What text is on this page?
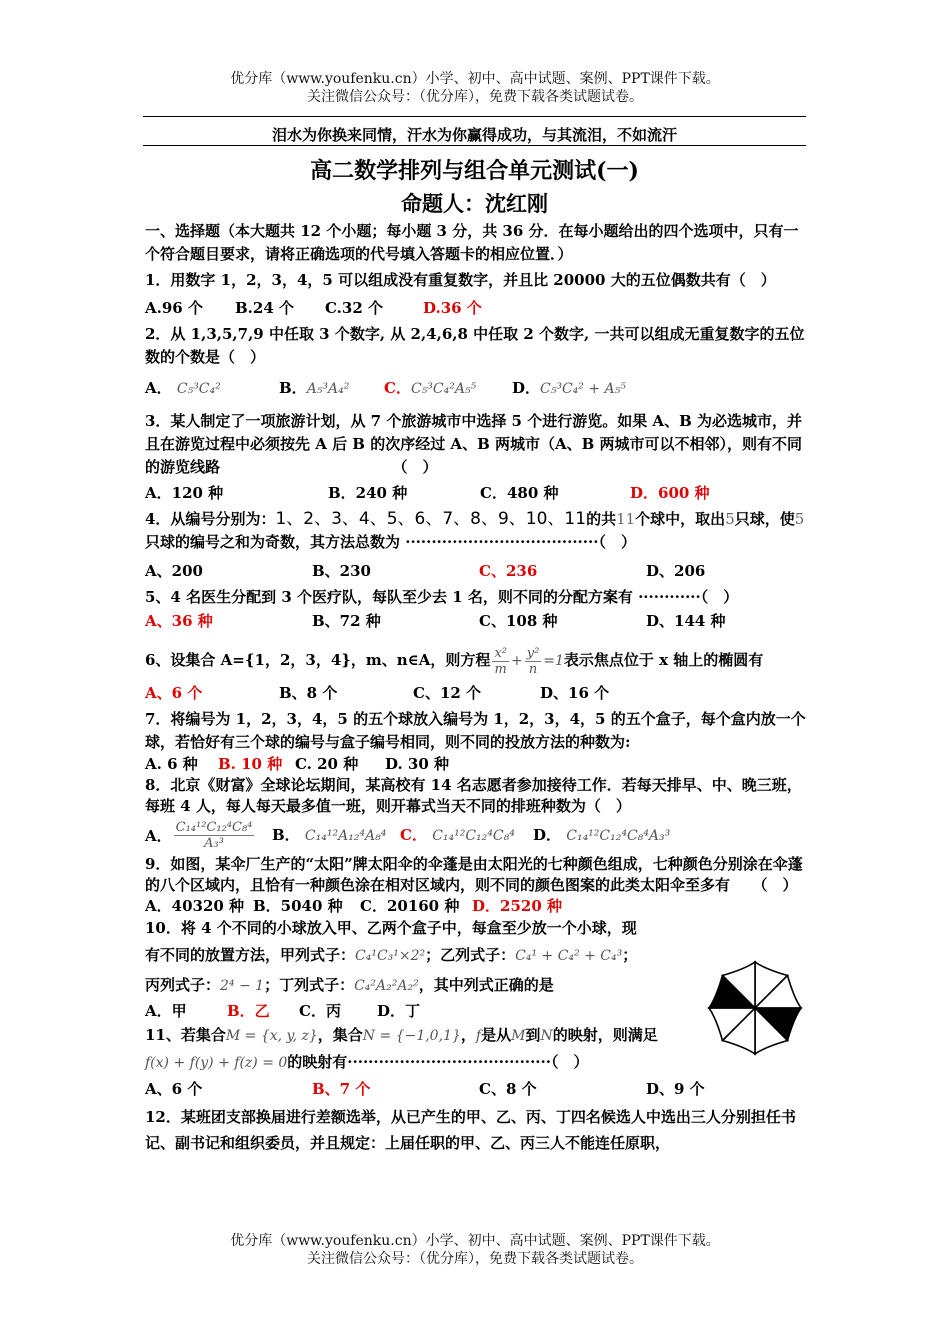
优分库（www.youfenku.cn）小学、初中、高中试题、案例、PPT课件下载。
关注微信公众号：（优分库），免费下载各类试题试卷。
泪水为你换来同情，汗水为你赢得成功，与其流泪，不如流汗
高二数学排列与组合单元测试(一)
命题人：沈红刚

一、选择题（本大题共 12 个小题；每小题 3 分，共 36 分．在每小题给出的四个选项中，只有一个符合题目要求，请将正确选项的代号填入答题卡的相应位置．）

1．用数字 1，2，3，4，5 可以组成没有重复数字，并且比 20000 大的五位偶数共有（　）

A.96 个	B.24 个	C.32 个	D.36 个

2．从 1,3,5,7,9 中任取 3 个数字, 从 2,4,6,8 中任取 2 个数字, 一共可以组成无重复数字的五位数的个数是（　）

A． C₅³C₄²	B．A₅³A₄²	C．C₅³C₄²A₅⁵	D．C₅³C₄² + A₅⁵

3．某人制定了一项旅游计划，从 7 个旅游城市中选择 5 个进行游览。如果 A、B 为必选城市，并且在游览过程中必须按先 A 后 B 的次序经过 A、B 两城市（A、B 两城市可以不相邻），则有不同的游览线路　　　　　　　　　　　　（　）

A．120 种	B．240 种	C．480 种	D．600 种

4．从编号分别为：1、2、3、4、5、6、7、8、9、10、11的共11个球中，取出5只球，使5只球的编号之和为奇数，其方法总数为 ·····································（　）

A、200	B、230	C、236	D、206

5、4 名医生分配到 3 个医疗队，每队至少去 1 名，则不同的分配方案有 ············（　）

A、36 种	B、72 种	C、108 种	D、144 种

6、设集合 A={1，2，3，4}，m、n∈A，则方程 $\frac{\text{x²}}{m} + \frac{\text{y²}}{n} =1$表示焦点位于 x 轴上的椭圆有

A、6 个	B、8 个	C、12 个	D、16 个

7．将编号为 1，2，3，4，5 的五个球放入编号为 1，2，3，4，5 的五个盒子，每个盒内放一个球，若恰好有三个球的编号与盒子编号相同，则不同的投放方法的种数为:

A. 6 种	B. 10 种 C. 20 种	D. 30 种

8．北京《财富》全球论坛期间，某高校有 14 名志愿者参加接待工作．若每天排早、中、晚三班，每班 4 人，每人每天最多值一班，则开幕式当天不同的排班种数为（　）

A． $\frac{\text{C₁₄¹²C₁₂⁴C₈⁴}}{\text{A₃³}}$ B． C₁₄¹²A₁₂⁴A₈⁴ C． C₁₄¹²C₁₂⁴C₈⁴	D． C₁₄¹²C₁₂⁴C₈⁴A₃³

9．如图，某伞厂生产的“太阳”牌太阳伞的伞蓬是由太阳光的七种颜色组成，七种颜色分别涂在伞蓬的八个区域内，且恰有一种颜色涂在相对区域内，则不同的颜色图案的此类太阳伞至多有　　（　）

A．40320 种 B．5040 种	C．20160 种 D．2520 种

10．将 4 个不同的小球放入甲、乙两个盒子中，每盒至少放一个小球，现

有不同的放置方法，甲列式子：C₄¹C₃¹×2²；乙列式子：C₄¹ + C₄² + C₄³；

丙列式子：2⁴ − 1；丁列式子：C₄²A₂²A₂²，其中列式正确的是

A．甲	B．乙	C．丙	D．丁

11、若集合M = {x, y, z}，集合N = {−1,0,1}，f是从M到N的映射，则满足

f(x) + f(y) + f(z) = 0的映射有·······································（　）

A、6 个	B、7 个	C、8 个	D、9 个

12．某班团支部换届进行差额选举，从已产生的甲、乙、丙、丁四名候选人中选出三人分别担任书记、副书记和组织委员，并且规定：上届任职的甲、乙、丙三人不能连任原职，

优分库（www.youfenku.cn）小学、初中、高中试题、案例、PPT课件下载。
关注微信公众号：（优分库），免费下载各类试题试卷。
